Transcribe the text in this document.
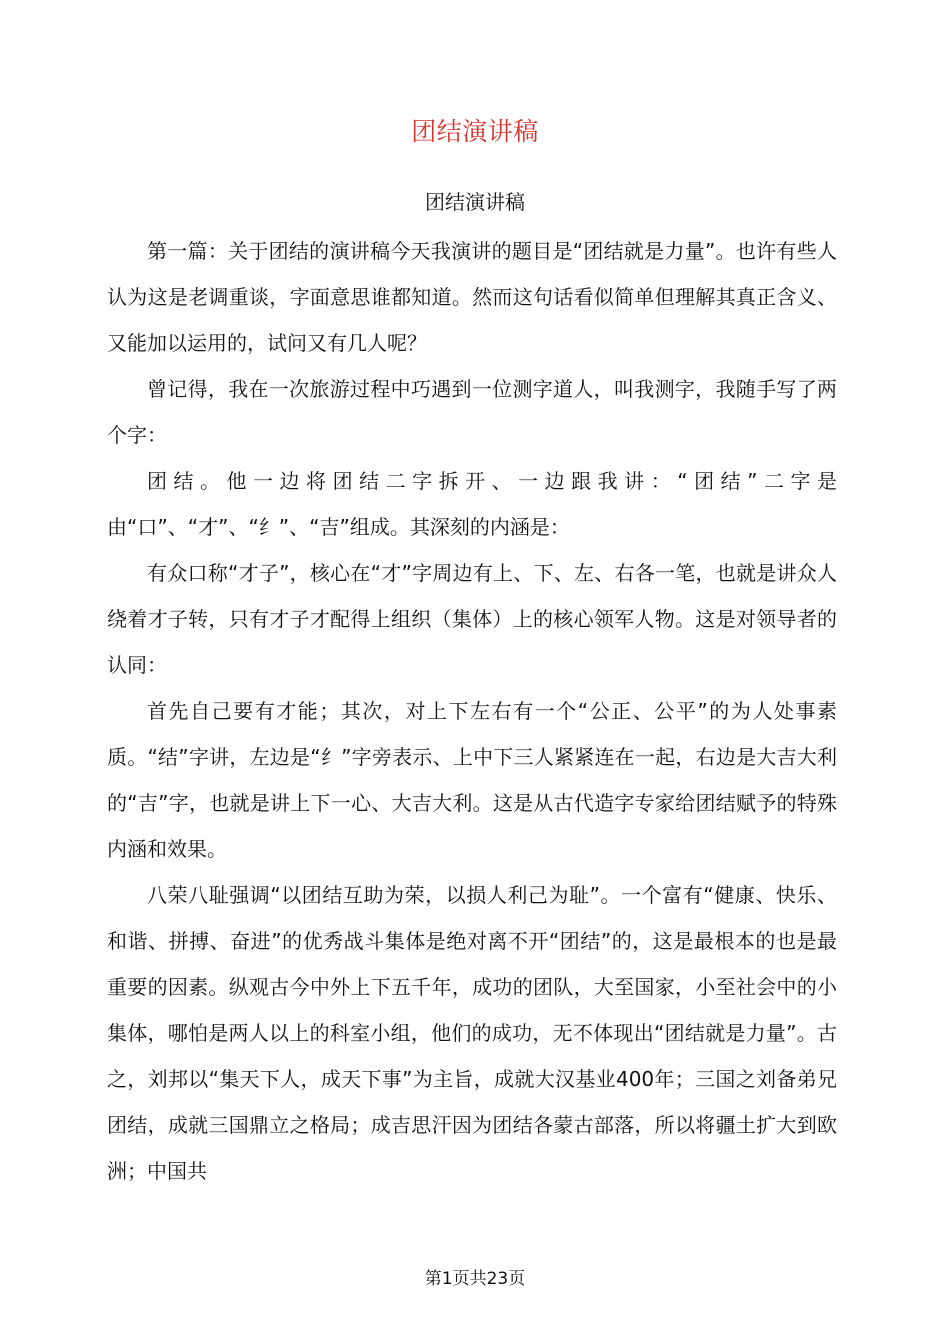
团结演讲稿
团结演讲稿

第一篇：关于团结的演讲稿今天我演讲的题目是“团结就是力量”。也许有些人认为这是老调重谈，字面意思谁都知道。然而这句话看似简单但理解其真正含义、又能加以运用的，试问又有几人呢？

曾记得，我在一次旅游过程中巧遇到一位测字道人，叫我测字，我随手写了两个字：

团结。他一边将团结二字拆开、一边跟我讲：“团结”二字是由“口”、“才”、“纟”、“吉”组成。其深刻的内涵是：

有众口称“才子”，核心在“才”字周边有上、下、左、右各一笔，也就是讲众人绕着才子转，只有才子才配得上组织（集体）上的核心领军人物。这是对领导者的认同：

首先自己要有才能；其次，对上下左右有一个“公正、公平”的为人处事素质。“结”字讲，左边是“纟”字旁表示、上中下三人紧紧连在一起，右边是大吉大利的“吉”字，也就是讲上下一心、大吉大利。这是从古代造字专家给团结赋予的特殊内涵和效果。

八荣八耻强调“以团结互助为荣，以损人利己为耻”。一个富有“健康、快乐、和谐、拼搏、奋进”的优秀战斗集体是绝对离不开“团结”的，这是最根本的也是最重要的因素。纵观古今中外上下五千年，成功的团队，大至国家，小至社会中的小集体，哪怕是两人以上的科室小组，他们的成功，无不体现出“团结就是力量”。古之，刘邦以“集天下人，成天下事”为主旨，成就大汉基业400年；三国之刘备弟兄团结，成就三国鼎立之格局；成吉思汗因为团结各蒙古部落，所以将疆土扩大到欧洲；中国共

第1页共23页
